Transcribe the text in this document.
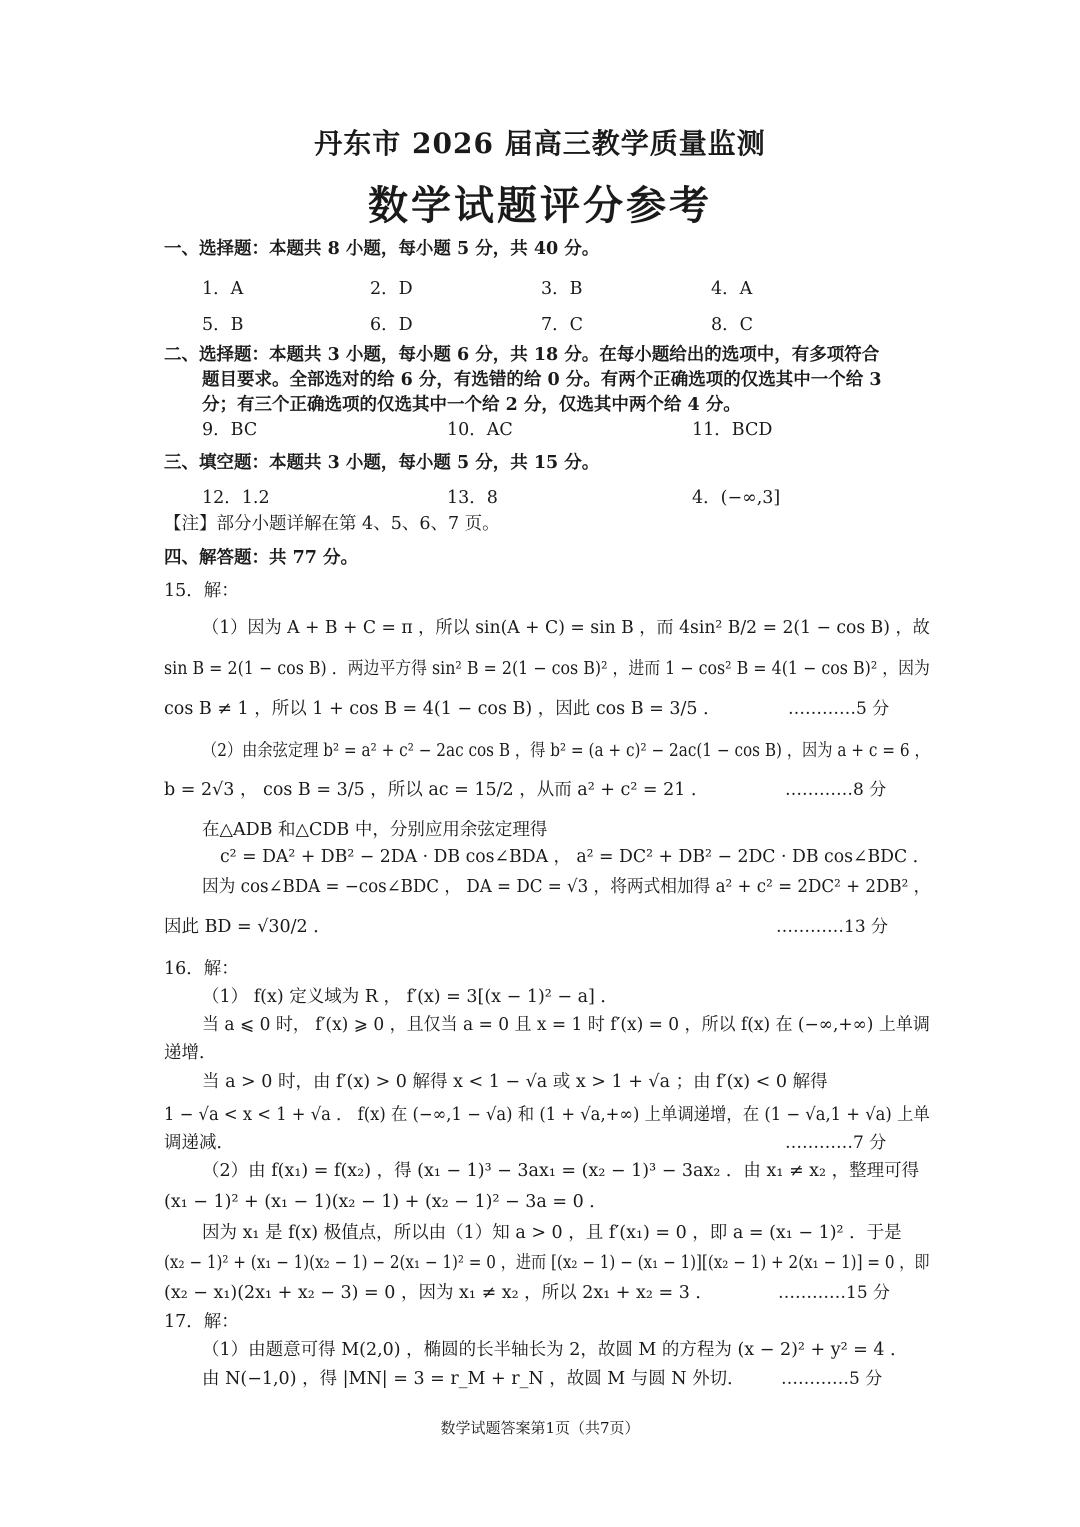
丹东市 2026 届高三教学质量监测
数学试题评分参考
一、选择题：本题共 8 小题，每小题 5 分，共 40 分。
1．A	2．D	3．B	4．A
5．B	6．D	7．C	8．C
二、选择题：本题共 3 小题，每小题 6 分，共 18 分。在每小题给出的选项中，有多项符合
题目要求。全部选对的给 6 分，有选错的给 0 分。有两个正确选项的仅选其中一个给 3
分；有三个正确选项的仅选其中一个给 2 分，仅选其中两个给 4 分。
9．BC	10．AC	11．BCD
三、填空题：本题共 3 小题，每小题 5 分，共 15 分。
12．1.2	13．8	4．(−∞,3]
【注】部分小题详解在第 4、5、6、7 页。
四、解答题：共 77 分。
15．解：
（1）因为 A + B + C = π ，所以 sin(A + C) = sin B ，而 4sin² B/2 = 2(1 − cos B) ，故
sin B = 2(1 − cos B) ．两边平方得 sin² B = 2(1 − cos B)² ，进而 1 − cos² B = 4(1 − cos B)² ，因为
cos B ≠ 1 ，所以 1 + cos B = 4(1 − cos B) ，因此 cos B = 3/5 ．	…………5 分
（2）由余弦定理 b² = a² + c² − 2ac cos B ，得 b² = (a + c)² − 2ac(1 − cos B) ，因为 a + c = 6 ，
b = 2√3 ， cos B = 3/5 ，所以 ac = 15/2 ，从而 a² + c² = 21 ．	…………8 分
在△ADB 和△CDB 中，分别应用余弦定理得
c² = DA² + DB² − 2DA · DB cos∠BDA ， a² = DC² + DB² − 2DC · DB cos∠BDC ．
因为 cos∠BDA = −cos∠BDC ， DA = DC = √3 ，将两式相加得 a² + c² = 2DC² + 2DB² ，
因此 BD = √30/2 ．	…………13 分
16．解：
（1） f(x) 定义域为 R ， f′(x) = 3[(x − 1)² − a] ．
当 a ⩽ 0 时， f′(x) ⩾ 0 ，且仅当 a = 0 且 x = 1 时 f′(x) = 0 ，所以 f(x) 在 (−∞,+∞) 上单调
递增．
当 a > 0 时，由 f′(x) > 0 解得 x < 1 − √a 或 x > 1 + √a ；由 f′(x) < 0 解得
1 − √a < x < 1 + √a ． f(x) 在 (−∞,1 − √a) 和 (1 + √a,+∞) 上单调递增，在 (1 − √a,1 + √a) 上单
调递减．	…………7 分
（2）由 f(x₁) = f(x₂) ，得 (x₁ − 1)³ − 3ax₁ = (x₂ − 1)³ − 3ax₂ ．由 x₁ ≠ x₂ ，整理可得
(x₁ − 1)² + (x₁ − 1)(x₂ − 1) + (x₂ − 1)² − 3a = 0 ．
因为 x₁ 是 f(x) 极值点，所以由（1）知 a > 0 ，且 f′(x₁) = 0 ，即 a = (x₁ − 1)² ．于是
(x₂ − 1)² + (x₁ − 1)(x₂ − 1) − 2(x₁ − 1)² = 0 ，进而 [(x₂ − 1) − (x₁ − 1)][(x₂ − 1) + 2(x₁ − 1)] = 0 ，即
(x₂ − x₁)(2x₁ + x₂ − 3) = 0 ，因为 x₁ ≠ x₂ ，所以 2x₁ + x₂ = 3 ．	…………15 分
17．解：
（1）由题意可得 M(2,0) ，椭圆的长半轴长为 2，故圆 M 的方程为 (x − 2)² + y² = 4 ．
由 N(−1,0) ，得 |MN| = 3 = r_M + r_N ，故圆 M 与圆 N 外切． …………5 分
数学试题答案第1页（共7页）
